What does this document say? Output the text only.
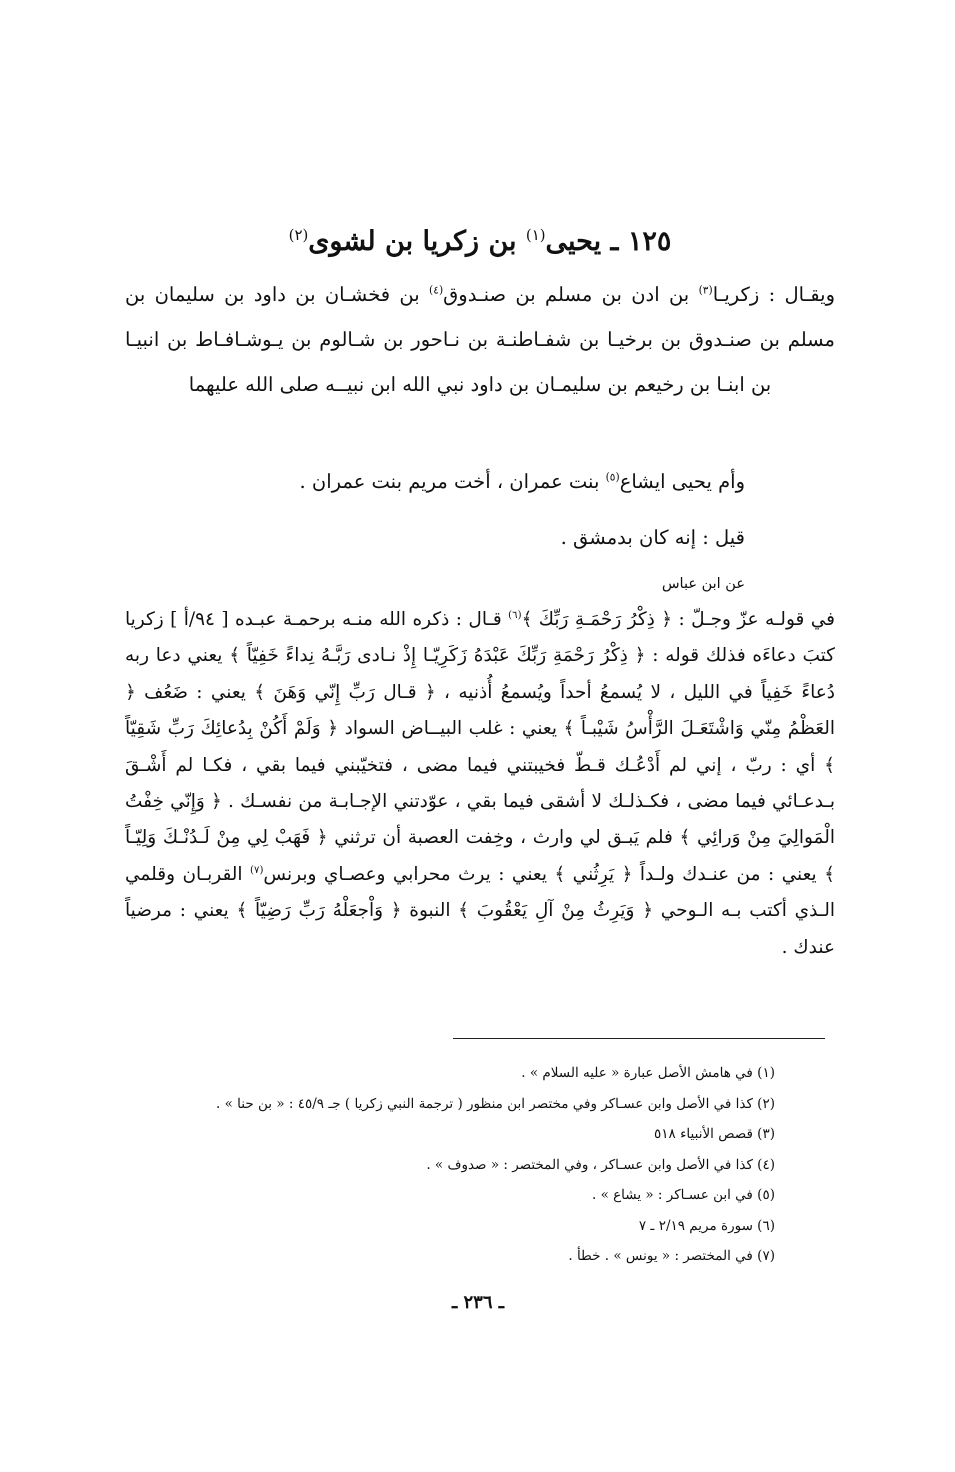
١٢٥ ـ يحيى$^{(١)}$ بن زكريا بن لشوى$^{(٢)}$
ويقـال : زكريـا$^{(٣)}$ بن ادن بن مسلم بن صنـدوق$^{(٤)}$ بن فخشـان بن داود بن سليمان بن مسلم بن صنـدوق بن برخيـا بن شفـاطنـة بن نـاحور بن شـالوم بن يـوشـافـاط بن انبيـا بن ابنـا بن رخيعم بن سليمـان بن داود نبي الله ابن نبيــه صلى الله عليهما
وأم يحيى ايشاع$^{(٥)}$ بنت عمران ، أخت مريم بنت عمران .
قيل : إنه كان بدمشق .
عن ابن عباس
في قولـه عزّ وجـلّ : ﴿ ذِكْرُ رَحْمَـةِ رَبِّكَ ﴾$^{(٦)}$ قـال : ذكره الله منـه برحمـة عبـده [ ٩٤/أ ] زكريا كتبَ دعاءَه فذلك قوله : ﴿ ذِكْرُ رَحْمَةِ رَبِّكَ عَبْدَهُ زَكَرِيّـا إِذْ نـادى رَبَّـهُ نِداءً خَفِيّاً ﴾ يعني دعا ربه دُعاءً خَفِياً في الليل ، لا يُسمعُ أحداً ويُسمعُ أُذنيه ، ﴿ قـال رَبِّ إِنّي وَهَنَ ﴾ يعني : ضَعُف ﴿ العَظْمُ مِنّي وَاشْتَعَـلَ الرَّأْسُ شَيْبـاً ﴾ يعني : غلب البيــاض السواد ﴿ وَلَمْ أَكُنْ بِدُعائِكَ رَبِّ شَقِيّاً ﴾ أي : ربّ ، إني لم أَدْعُـك قـطّ فخيبتني فيما مضى ، فتخيّبني فيما بقي ، فكـا لم أَشْـقَ بـدعـائي فيما مضى ، فكـذلـك لا أشقى فيما بقي ، عوّدتني الإجـابـة من نفسـك . ﴿ وَإِنّي خِفْتُ الْمَوالِيَ مِنْ وَرائِي ﴾ فلم يَبـق لي وارث ، وخِفت العصبة أن ترثني ﴿ فَهَبْ لِي مِنْ لَـدُنْـكَ وَلِيّـاً ﴾ يعني : من عنـدك ولـداً ﴿ يَرِثُني ﴾ يعني : يرث محرابي وعصـاي وبرنس$^{(٧)}$ القربـان وقلمي الـذي أكتب بـه الـوحي ﴿ وَيَرِثُ مِنْ آلِ يَعْقُوبَ ﴾ النبوة ﴿ وَاْجعَلْهُ رَبِّ رَضِيّاً ﴾ يعني : مرضياً عندك .
(١) في هامش الأصل عبارة « عليه السلام » .
(٢) كذا في الأصل وابن عسـاكر وفي مختصر ابن منظور ( ترجمة النبي زكريا ) جـ ٤٥/٩ : « بن حنا » .
(٣) قصص الأنبياء ٥١٨
(٤) كذا في الأصل وابن عسـاكر ، وفي المختصر : « صدوف » .
(٥) في ابن عسـاكر : « يشاع » .
(٦) سورة مريم ٢/١٩ ـ ٧
(٧) في المختصر : « يونس » . خطأ .
ـ ٢٣٦ ـ
